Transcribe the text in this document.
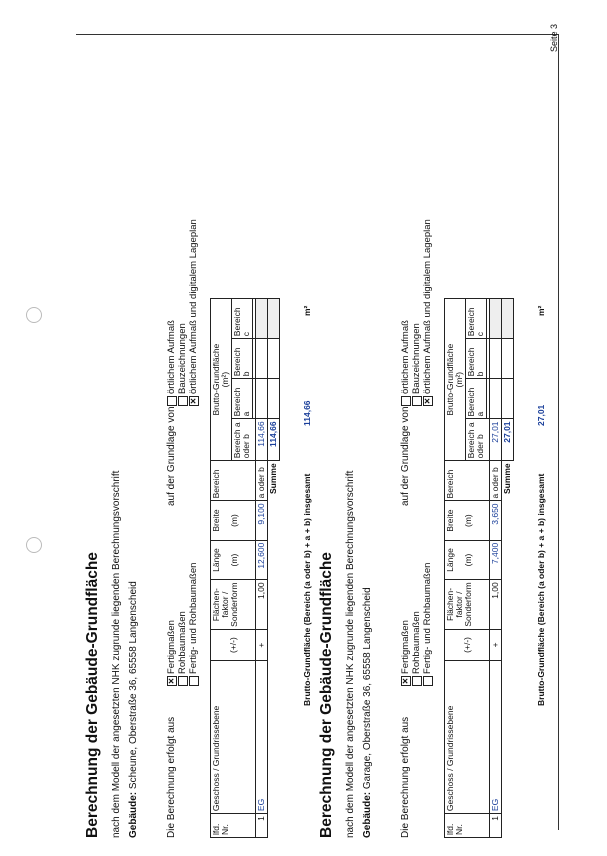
Seite 3

Berechnung der Gebäude-Grundfläche nach dem Modell der angesetzten NHK zugrunde liegenden Berechnungsvorschrift Gebäude: Scheune, Oberstraße 36, 65558 Langenscheid	Die Berechnung erfolgt aus

✕
Fertigmaßen Rohbaumaßen Fertig- und Rohbaumaßen

auf der Grundlage von

örtlichem Aufmaß Bauzeichnungen
✕
örtlichem Aufmaß und digitalem Lageplan
lfd. Nr.	Geschoss / Grundrissebene	(+/-)	Flächen-faktor / Sonderform	Länge (m)	Breite (m)	Bereich	Brutto-Grundfläche
(m²)			
							Bereich a oder b	Bereich a	Bereich b	Bereich c

1	EG	+	1,00	12,600	9,100	a oder b	114,66			
Summe							114,66			
Brutto-Grundfläche (Bereich (a oder b) + a + b) insgesamt
114,66
m²

Berechnung der Gebäude-Grundfläche nach dem Modell der angesetzten NHK zugrunde liegenden Berechnungsvorschrift Gebäude: Garage, Oberstraße 36, 65558 Langenscheid	Die Berechnung erfolgt aus

✕
Fertigmaßen Rohbaumaßen Fertig- und Rohbaumaßen

auf der Grundlage von

örtlichem Aufmaß Bauzeichnungen
✕
örtlichem Aufmaß und digitalem Lageplan
lfd. Nr.	Geschoss / Grundrissebene	(+/-)	Flächen-faktor / Sonderform	Länge (m)	Breite (m)	Bereich	Brutto-Grundfläche
(m²)			
							Bereich a oder b	Bereich a	Bereich b	Bereich c

1	EG	+	1,00	7,400	3,650	a oder b	27,01			
Summe							27,01			
Brutto-Grundfläche (Bereich (a oder b) + a + b) insgesamt
27,01
m²
